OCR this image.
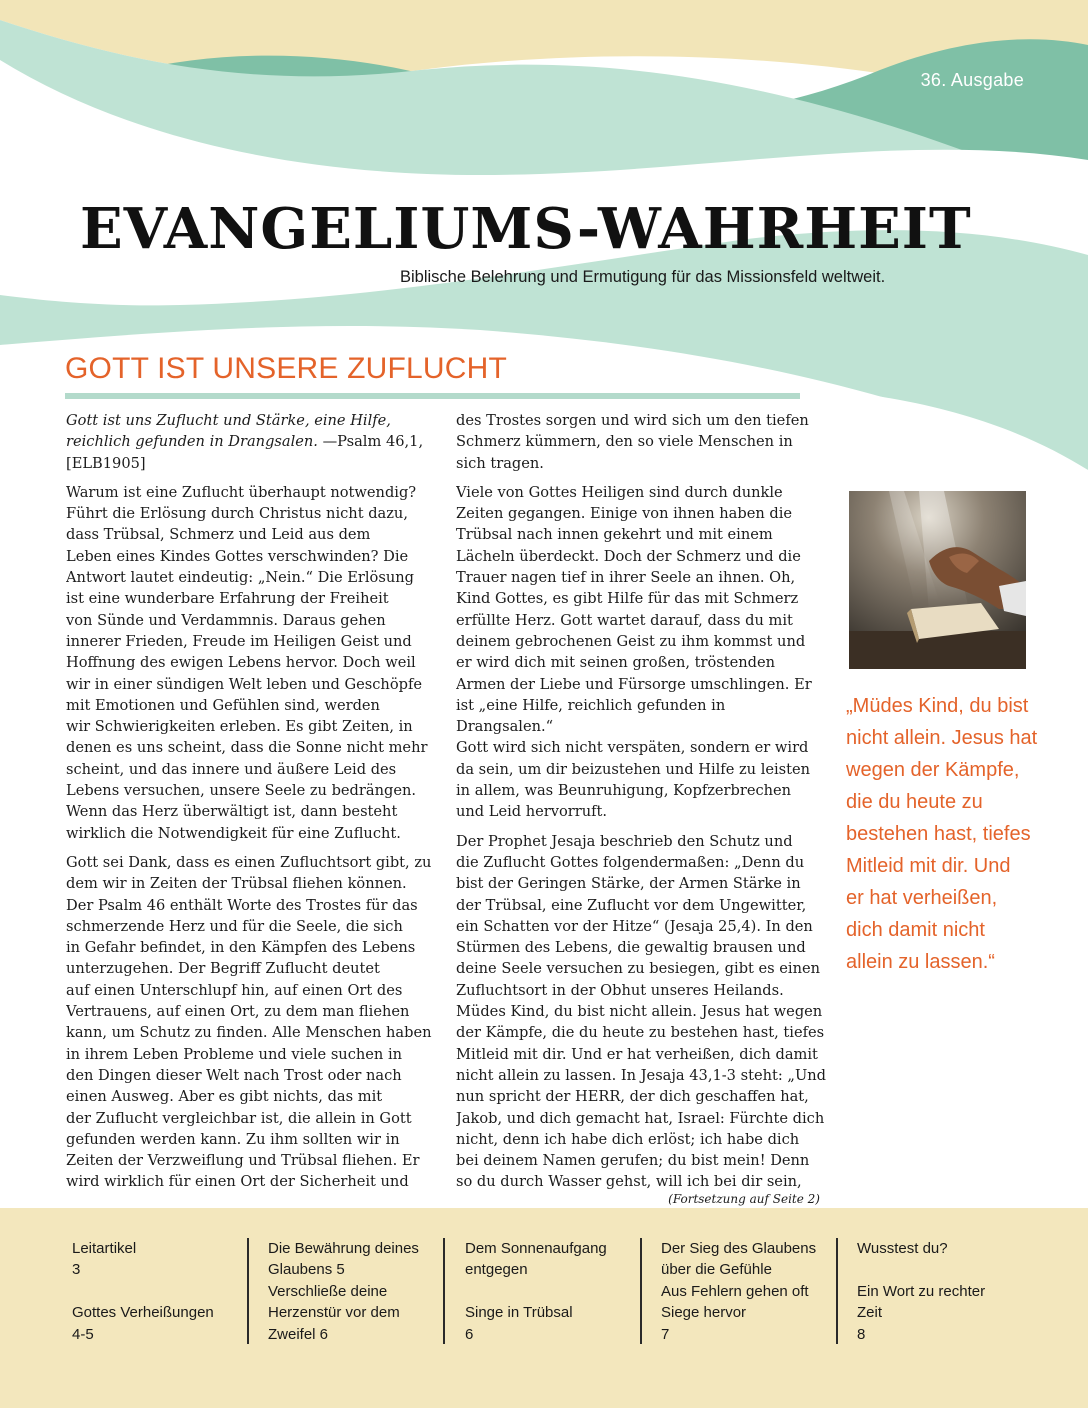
36. Ausgabe
EVANGELIUMS-WAHRHEIT
Biblische Belehrung und Ermutigung für das Missionsfeld weltweit.
GOTT IST UNSERE ZUFLUCHT

Gott ist uns Zuflucht und Stärke, eine Hilfe,
reichlich gefunden in Drangsalen. —Psalm 46,1,
[ELB1905]

Warum ist eine Zuflucht überhaupt notwendig?
Führt die Erlösung durch Christus nicht dazu,
dass Trübsal, Schmerz und Leid aus dem
Leben eines Kindes Gottes verschwinden? Die
Antwort lautet eindeutig: „Nein.“ Die Erlösung
ist eine wunderbare Erfahrung der Freiheit
von Sünde und Verdammnis. Daraus gehen
innerer Frieden, Freude im Heiligen Geist und
Hoffnung des ewigen Lebens hervor. Doch weil
wir in einer sündigen Welt leben und Geschöpfe
mit Emotionen und Gefühlen sind, werden
wir Schwierigkeiten erleben. Es gibt Zeiten, in
denen es uns scheint, dass die Sonne nicht mehr
scheint, und das innere und äußere Leid des
Lebens versuchen, unsere Seele zu bedrängen.
Wenn das Herz überwältigt ist, dann besteht
wirklich die Notwendigkeit für eine Zuflucht.

Gott sei Dank, dass es einen Zufluchtsort gibt, zu
dem wir in Zeiten der Trübsal fliehen können.
Der Psalm 46 enthält Worte des Trostes für das
schmerzende Herz und für die Seele, die sich
in Gefahr befindet, in den Kämpfen des Lebens
unterzugehen. Der Begriff Zuflucht deutet
auf einen Unterschlupf hin, auf einen Ort des
Vertrauens, auf einen Ort, zu dem man fliehen
kann, um Schutz zu finden. Alle Menschen haben
in ihrem Leben Probleme und viele suchen in
den Dingen dieser Welt nach Trost oder nach
einen Ausweg. Aber es gibt nichts, das mit
der Zuflucht vergleichbar ist, die allein in Gott
gefunden werden kann. Zu ihm sollten wir in
Zeiten der Verzweiflung und Trübsal fliehen. Er
wird wirklich für einen Ort der Sicherheit und

des Trostes sorgen und wird sich um den tiefen
Schmerz kümmern, den so viele Menschen in
sich tragen.

Viele von Gottes Heiligen sind durch dunkle
Zeiten gegangen. Einige von ihnen haben die
Trübsal nach innen gekehrt und mit einem
Lächeln überdeckt. Doch der Schmerz und die
Trauer nagen tief in ihrer Seele an ihnen. Oh,
Kind Gottes, es gibt Hilfe für das mit Schmerz
erfüllte Herz. Gott wartet darauf, dass du mit
deinem gebrochenen Geist zu ihm kommst und
er wird dich mit seinen großen, tröstenden
Armen der Liebe und Fürsorge umschlingen. Er
ist „eine Hilfe, reichlich gefunden in Drangsalen.“
Gott wird sich nicht verspäten, sondern er wird
da sein, um dir beizustehen und Hilfe zu leisten
in allem, was Beunruhigung, Kopfzerbrechen
und Leid hervorruft.

Der Prophet Jesaja beschrieb den Schutz und
die Zuflucht Gottes folgendermaßen: „Denn du
bist der Geringen Stärke, der Armen Stärke in
der Trübsal, eine Zuflucht vor dem Ungewitter,
ein Schatten vor der Hitze“ (Jesaja 25,4). In den
Stürmen des Lebens, die gewaltig brausen und
deine Seele versuchen zu besiegen, gibt es einen
Zufluchtsort in der Obhut unseres Heilands.
Müdes Kind, du bist nicht allein. Jesus hat wegen
der Kämpfe, die du heute zu bestehen hast, tiefes
Mitleid mit dir. Und er hat verheißen, dich damit
nicht allein zu lassen. In Jesaja 43,1-3 steht: „Und
nun spricht der HERR, der dich geschaffen hat,
Jakob, und dich gemacht hat, Israel: Fürchte dich
nicht, denn ich habe dich erlöst; ich habe dich
bei deinem Namen gerufen; du bist mein! Denn
so du durch Wasser gehst, will ich bei dir sein,

(Fortsetzung auf Seite 2)
„Müdes Kind, du bist
nicht allein. Jesus hat
wegen der Kämpfe,
die du heute zu
bestehen hast, tiefes
Mitleid mit dir. Und
er hat verheißen,
dich damit nicht
allein zu lassen.“
Leitartikel
3

Gottes Verheißungen
4-5
Die Bewährung deines
Glaubens 5
Verschließe deine
Herzenstür vor dem
Zweifel 6
Dem Sonnenaufgang
entgegen

Singe in Trübsal
6
Der Sieg des Glaubens
über die Gefühle
Aus Fehlern gehen oft
Siege hervor
7
Wusstest du?

Ein Wort zu rechter
Zeit
8
